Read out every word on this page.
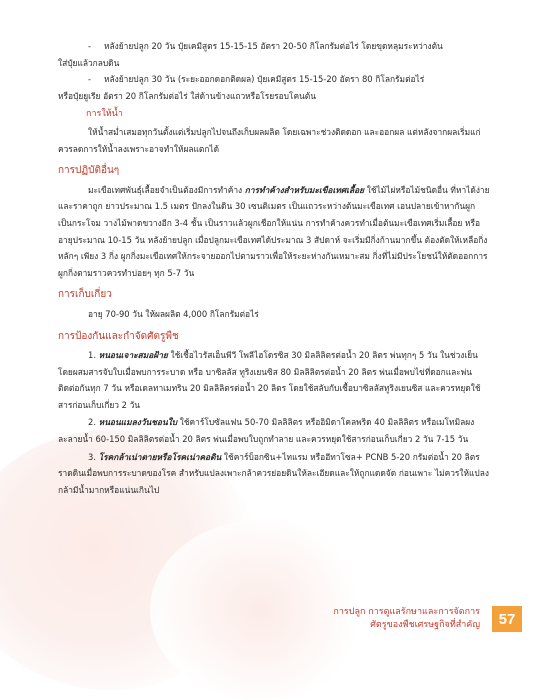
-	หลังย้ายปลูก 20 วัน ปุ๋ยเคมีสูตร 15-15-15 อัตรา 20-50 กิโลกรัมต่อไร่ โดยขุดหลุมระหว่างต้น

ใส่ปุ๋ยแล้วกลบดิน

-	หลังย้ายปลูก 30 วัน (ระยะออกดอกติดผล) ปุ๋ยเคมีสูตร 15-15-20 อัตรา 80 กิโลกรัมต่อไร่

หรือปุ๋ยยูเรีย อัตรา 20 กิโลกรัมต่อไร่ ใส่ด้านข้างแถวหรือโรยรอบโคนต้น

การให้น้ำ

ให้น้ำสม่ำเสมอทุกวันตั้งแต่เริ่มปลูกไปจนถึงเก็บผลผลิต โดยเฉพาะช่วงติดดอก และออกผล แต่หลังจากผลเริ่มแก่ควรลดการให้น้ำลงเพราะอาจทำให้ผลแตกได้

การปฏิบัติอื่นๆ

มะเขือเทศพันธุ์เลื้อยจำเป็นต้องมีการทำค้าง การทำค้างสำหรับมะเขือเทศเลื้อย ใช้ไม้ไผ่หรือไม้ชนิดอื่น ที่หาได้ง่าย และราคาถูก ยาวประมาณ 1.5 เมตร ปักลงในดิน 30 เซนติเมตร เป็นแถวระหว่างต้นมะเขือเทศ เอนปลายเข้าหากันผูกเป็นกระโจม วางไม้พาดขวางอีก 3-4 ชั้น เป็นราวแล้วผูกเชือกให้แน่น การทำค้างควรทำเมื่อต้นมะเขือเทศเริ่มเลื้อย หรืออายุประมาณ 10-15 วัน หลังย้ายปลูก เมื่อปลูกมะเขือเทศได้ประมาณ 3 สัปดาห์ จะเริ่มมีกิ่งก้านมากขึ้น ต้องตัดให้เหลือกิ่งหลักๆ เพียง 3 กิ่ง ผูกกิ่งมะเขือเทศให้กระจายออกไปตามราวเพื่อให้ระยะห่างกันเหมาะสม กิ่งที่ไม่มีประโยชน์ให้ตัดออกการผูกกิ่งตามราวควรทำบ่อยๆ ทุก 5-7 วัน

การเก็บเกี่ยว

อายุ 70-90 วัน ให้ผลผลิต 4,000 กิโลกรัมต่อไร่

การป้องกันและกำจัดศัตรูพืช

1. หนอนเจาะสมอฝ้าย ใช้เชื้อไวรัสเอ็นพีวี โพลีไฮโดรซิส 30 มิลลิลิตรต่อน้ำ 20 ลิตร พ่นทุกๆ 5 วัน ในช่วงเย็น โดยผสมสารจับใบเมื่อพบการระบาด หรือ บาซิลลัส ทูริงเยนซิส 80 มิลลิลิตรต่อน้ำ 20 ลิตร พ่นเมื่อพบไข่ที่ดอกและพ่นติดต่อกันทุก 7 วัน หรือเดลทาเมทริน 20 มิลลิลิตรต่อน้ำ 20 ลิตร โดยใช้สลับกับเชื้อบาซิลลัสทูริงเยนซิส และควรหยุดใช้สารก่อนเก็บเกี่ยว 2 วัน

2. หนอนแมลงวันชอนใบ ใช้คาร์โบซัลแฟน 50-70 มิลลิลิตร หรืออิมิดาโคลพริด 40 มิลลิลิตร หรือเมโทมิลผงละลายน้ำ 60-150 มิลลิลิตรต่อน้ำ 20 ลิตร พ่นเมื่อพบใบถูกทำลาย และควรหยุดใช้สารก่อนเก็บเกี่ยว 2 วัน 7-15 วัน

3. โรคกล้าเน่าตายหรือโรคเน่าคอดิน ใช้คาร์บ็อกซิน+ไทแรม หรืออีทาโซล+ PCNB 5-20 กรัมต่อน้ำ 20 ลิตร ราดดินเมื่อพบการระบาดของโรค สำหรับแปลงเพาะกล้าควรย่อยดินให้ละเอียดและให้ถูกแดดจัด ก่อนเพาะ ไม่ควรให้แปลงกล้ามีน้ำมากหรือแน่นเกินไป

การปลูก การดูแลรักษาและการจัดการ
ศัตรูของพืชเศรษฐกิจที่สำคัญ	57
